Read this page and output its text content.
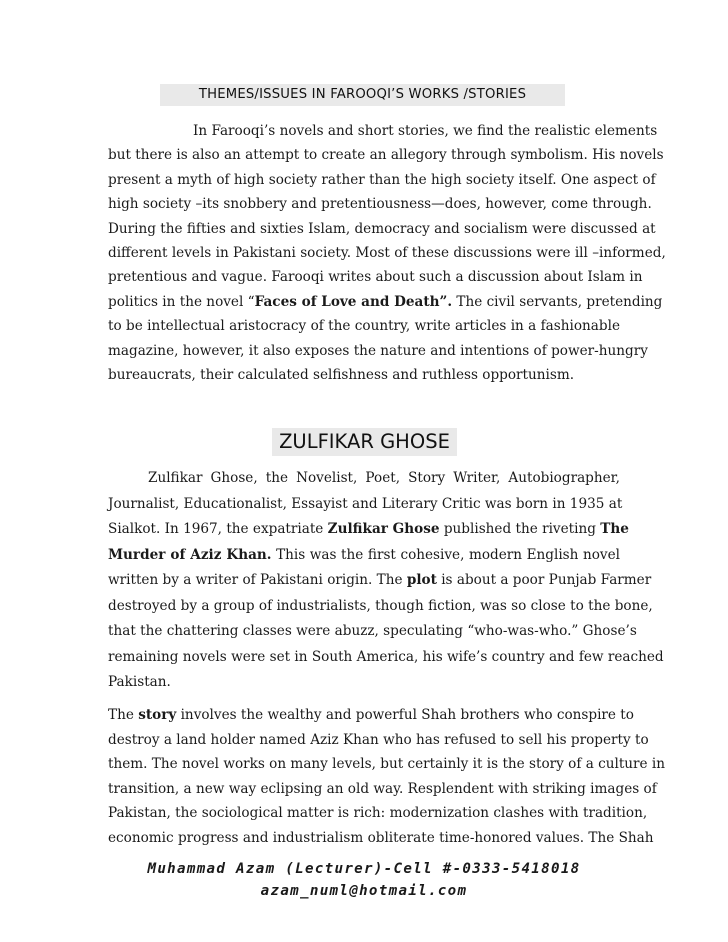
THEMES/ISSUES IN FAROOQI’S WORKS /STORIES
In Farooqi’s novels and short stories, we find the realistic elements
but there is also an attempt to create an allegory through symbolism. His novels
present a myth of high society rather than the high society itself. One aspect of
high society –its snobbery and pretentiousness—does, however, come through.
During the fifties and sixties Islam, democracy and socialism were discussed at
different levels in Pakistani society. Most of these discussions were ill –informed,
pretentious and vague. Farooqi writes about such a discussion about Islam in
politics in the novel “Faces of Love and Death”. The civil servants, pretending
to be intellectual aristocracy of the country, write articles in a fashionable
magazine, however, it also exposes the nature and intentions of power-hungry
bureaucrats, their calculated selfishness and ruthless opportunism.
ZULFIKAR GHOSE
Zulfikar Ghose, the Novelist, Poet, Story Writer, Autobiographer,
Journalist, Educationalist, Essayist and Literary Critic was born in 1935 at
Sialkot. In 1967, the expatriate Zulfikar Ghose published the riveting The
Murder of Aziz Khan. This was the first cohesive, modern English novel
written by a writer of Pakistani origin. The plot is about a poor Punjab Farmer
destroyed by a group of industrialists, though fiction, was so close to the bone,
that the chattering classes were abuzz, speculating “who-was-who.” Ghose’s
remaining novels were set in South America, his wife’s country and few reached
Pakistan.
The story involves the wealthy and powerful Shah brothers who conspire to
destroy a land holder named Aziz Khan who has refused to sell his property to
them. The novel works on many levels, but certainly it is the story of a culture in
transition, a new way eclipsing an old way. Resplendent with striking images of
Pakistan, the sociological matter is rich: modernization clashes with tradition,
economic progress and industrialism obliterate time-honored values. The Shah
Muhammad Azam (Lecturer)-Cell #-0333-5418018
azam_numl@hotmail.com
